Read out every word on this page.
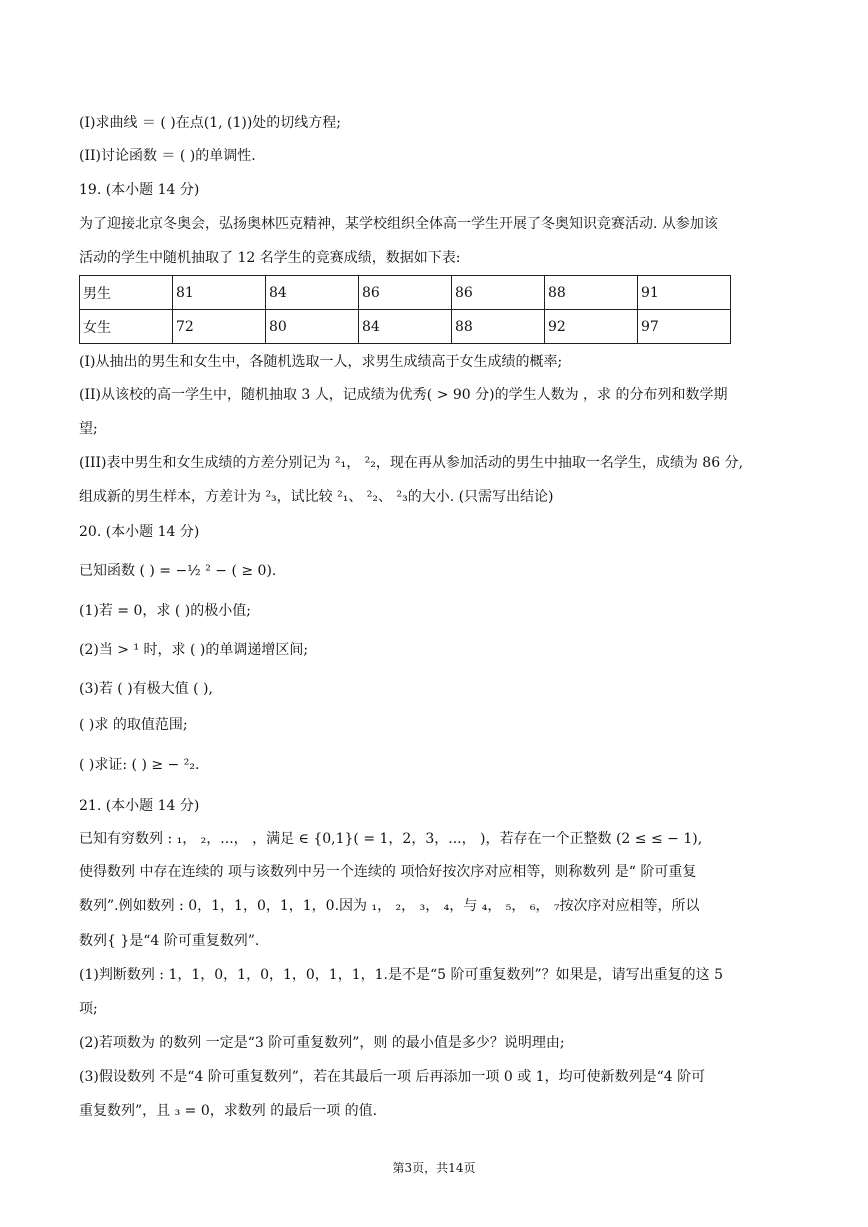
(I)求曲线 ＝ ( )在点(1, (1))处的切线方程;
(II)讨论函数 ＝ ( )的单调性.
19. (本小题 14 分)
为了迎接北京冬奥会，弘扬奥林匹克精神，某学校组织全体高一学生开展了冬奥知识竞赛活动. 从参加该
活动的学生中随机抽取了 12 名学生的竞赛成绩，数据如下表:
男生	81	84	86	86	88	91
女生	72	80	84	88	92	97
(I)从抽出的男生和女生中，各随机选取一人，求男生成绩高于女生成绩的概率;
(II)从该校的高一学生中，随机抽取 3 人，记成绩为优秀( > 90 分)的学生人数为 ，求 的分布列和数学期
望;
(III)表中男生和女生成绩的方差分别记为 ²₁， ²₂，现在再从参加活动的男生中抽取一名学生，成绩为 86 分,
组成新的男生样本，方差计为 ²₃，试比较 ²₁、 ²₂、 ²₃的大小. (只需写出结论)
20. (本小题 14 分)
已知函数 ( ) = −½ ² − ( ≥ 0).
(1)若 = 0，求 ( )的极小值;
(2)当 > ¹ 时，求 ( )的单调递增区间;
(3)若 ( )有极大值 ( ),
( )求 的取值范围;
( )求证: ( ) ≥ − ²₂.
21. (本小题 14 分)
已知有穷数列 : ₁， ₂，...， ，满足 ∈ {0,1}( = 1，2，3，...， )，若存在一个正整数 (2 ≤ ≤ − 1),
使得数列 中存在连续的 项与该数列中另一个连续的 项恰好按次序对应相等，则称数列 是“ 阶可重复
数列”.例如数列 : 0，1，1，0，1，1，0.因为 ₁， ₂， ₃， ₄，与 ₄， ₅， ₆， ₇按次序对应相等，所以
数列{ }是“4 阶可重复数列”.
(1)判断数列 : 1，1，0，1，0，1，0，1，1，1.是不是“5 阶可重复数列”？如果是，请写出重复的这 5
项;
(2)若项数为 的数列 一定是“3 阶可重复数列”，则 的最小值是多少？说明理由;
(3)假设数列 不是“4 阶可重复数列”，若在其最后一项 后再添加一项 0 或 1，均可使新数列是“4 阶可
重复数列”，且 ₃ = 0，求数列 的最后一项 的值.
第3页，共14页
